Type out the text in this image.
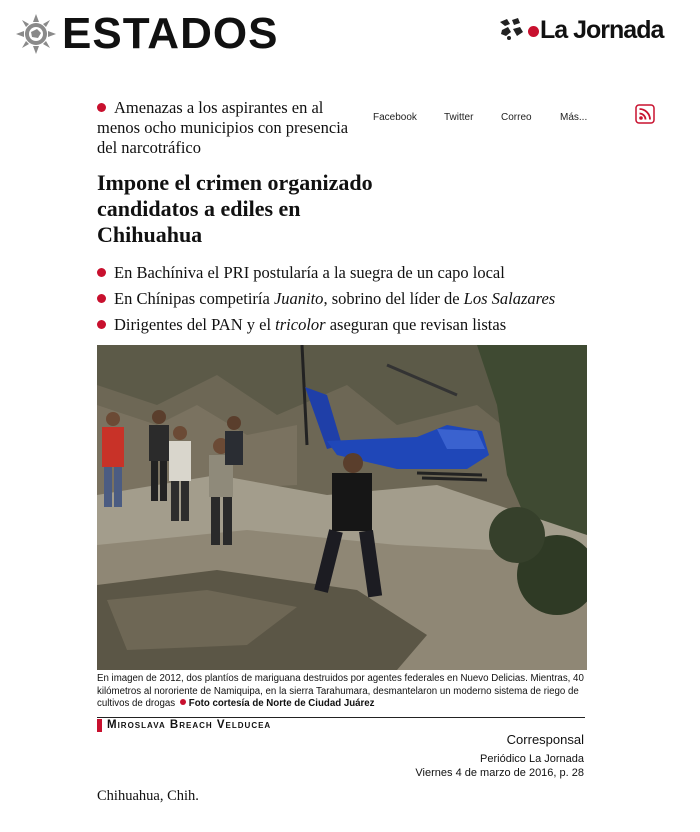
ESTADOS	La Jornada
Amenazas a los aspirantes en al menos ocho municipios con presencia del narcotráfico
Facebook	Twitter	Correo	Más...
Impone el crimen organizado candidatos a ediles en Chihuahua
En Bachíniva el PRI postularía a la suegra de un capo local
En Chínipas competiría Juanito, sobrino del líder de Los Salazares
Dirigentes del PAN y el tricolor aseguran que revisan listas
En imagen de 2012, dos plantíos de mariguana destruidos por agentes federales en Nuevo Delicias. Mientras, 40 kilómetros al nororiente de Namiquipa, en la sierra Tarahumara, desmantelaron un moderno sistema de riego de cultivos de drogas Foto cortesía de Norte de Ciudad Juárez
Miroslava Breach Velducea
Corresponsal
Periódico La Jornada
Viernes 4 de marzo de 2016, p. 28
Chihuahua, Chih.
